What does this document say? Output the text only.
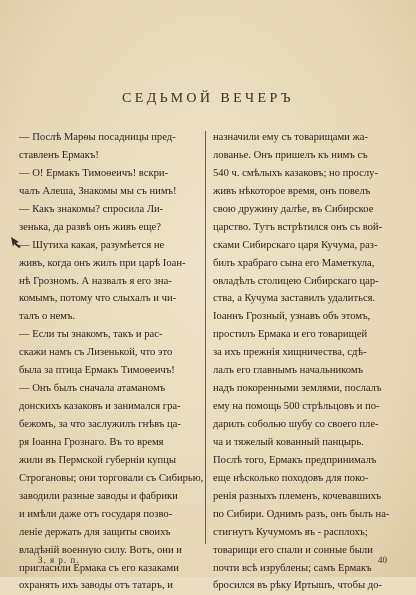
СЕДЬМОЙ ВЕЧЕРЪ
— Послѣ Марѳы посадницы пред-
ставленъ Ермакъ!
— О! Ермакъ Тимоѳеичъ! вскри-
чалъ Алеша, Знакомы мы съ нимъ!
— Какъ знакомы? спросила Ли-
зенька, да развѣ онъ живъ еще?
— Шутиха какая, разумѣется не
живъ, когда онъ жилъ при царѣ Іоан-
нѣ Грозномъ. А назвалъ я его зна-
комымъ, потому что слыхалъ и чи-
талъ о немъ.
— Если ты знакомъ, такъ и рас-
скажи намъ съ Лизенькой, что это
была за птица Ермакъ Тимоѳеичъ!
— Онъ былъ сначала атаманомъ
донскихъ казаковъ и занимался гра-
бежомъ, за что заслужилъ гнѣвъ ца-
ря Іоанна Грознаго. Въ то время
жили въ Пермской губерніи купцы
Строгановы; они торговали съ Сибирью,
заводили разные заводы и фабрики
и имѣли даже отъ государя позво-
леніе держать для защиты своихъ
владѣній военную силу. Вотъ, они и
пригласили Ермака съ его казаками
охранять ихъ заводы отъ татаръ, и
назначили ему съ товарищами жа-
лованье. Онъ пришелъ къ нимъ съ
540 ч. смѣлыхъ казаковъ; но прослу-
живъ нѣкоторое время, онъ повелъ
свою дружину далѣе, въ Сибирское
царство. Тутъ встрѣтился онъ съ вой-
сками Сибирскаго царя Кучума, раз-
билъ храбраго сына его Маметкула,
овладѣлъ столицею Сибирскаго цар-
ства, а Кучума заставилъ удалиться.
Іоаннъ Грозный, узнавъ объ этомъ,
простилъ Ермака и его товарищей
за ихъ прежнія хищничества, сдѣ-
лалъ его главнымъ начальникомъ
надъ покоренными землями, послалъ
ему на помощь 500 стрѣльцовъ и по-
дарилъ соболью шубу со своего пле-
ча и тяжелый кованный панцырь.
Послѣ того, Ермакъ предпринималъ
еще нѣсколько походовъ для поко-
ренія разныхъ племенъ, кочевавшихъ
по Сибири. Однимъ разъ, онъ былъ на-
стигнутъ Кучумомъ въ - расплохъ;
товарищи его спали и сонные были
почти всѣ изрублены; самъ Ермакъ
бросился въ рѣку Иртышъ, чтобы до-
З. я р. п.	40
